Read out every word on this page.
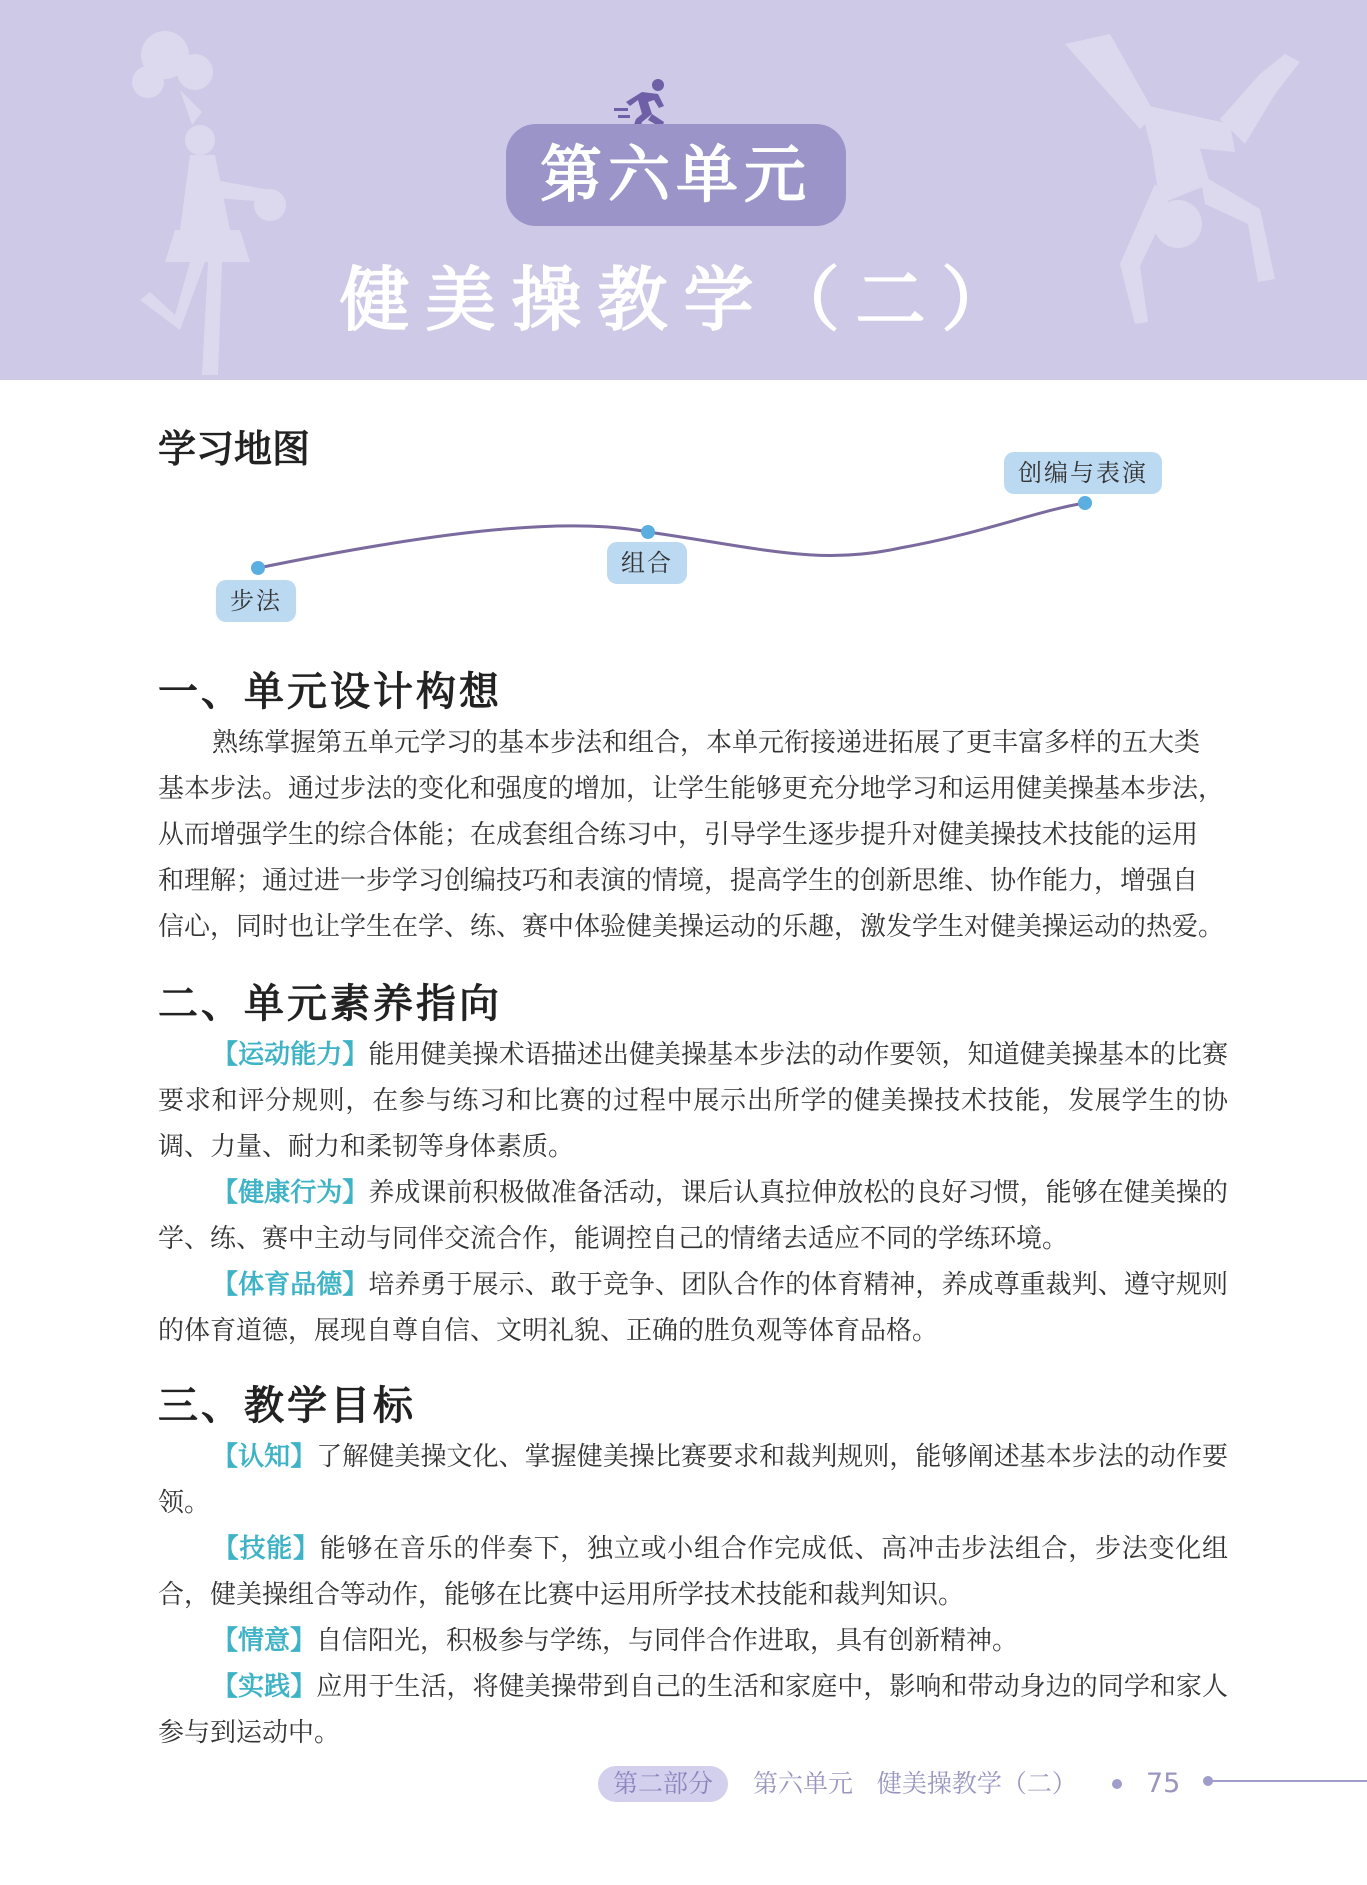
第六单元
健美操教学（二）
学习地图
步法
组合
创编与表演
一、单元设计构想
熟练掌握第五单元学习的基本步法和组合，本单元衔接递进拓展了更丰富多样的五大类
基本步法。通过步法的变化和强度的增加，让学生能够更充分地学习和运用健美操基本步法，
从而增强学生的综合体能；在成套组合练习中，引导学生逐步提升对健美操技术技能的运用
和理解；通过进一步学习创编技巧和表演的情境，提高学生的创新思维、协作能力，增强自
信心，同时也让学生在学、练、赛中体验健美操运动的乐趣，激发学生对健美操运动的热爱。
二、单元素养指向

【运动能力】能用健美操术语描述出健美操基本步法的动作要领，知道健美操基本的比赛要求和评分规则，在参与练习和比赛的过程中展示出所学的健美操技术技能，发展学生的协调、力量、耐力和柔韧等身体素质。

【健康行为】养成课前积极做准备活动，课后认真拉伸放松的良好习惯，能够在健美操的学、练、赛中主动与同伴交流合作，能调控自己的情绪去适应不同的学练环境。

【体育品德】培养勇于展示、敢于竞争、团队合作的体育精神，养成尊重裁判、遵守规则的体育道德，展现自尊自信、文明礼貌、正确的胜负观等体育品格。

三、教学目标

【认知】了解健美操文化、掌握健美操比赛要求和裁判规则，能够阐述基本步法的动作要领。

【技能】能够在音乐的伴奏下，独立或小组合作完成低、高冲击步法组合，步法变化组合，健美操组合等动作，能够在比赛中运用所学技术技能和裁判知识。

【情意】自信阳光，积极参与学练，与同伴合作进取，具有创新精神。

【实践】应用于生活，将健美操带到自己的生活和家庭中，影响和带动身边的同学和家人参与到运动中。

第二部分	第六单元   健美操教学（二）	75
